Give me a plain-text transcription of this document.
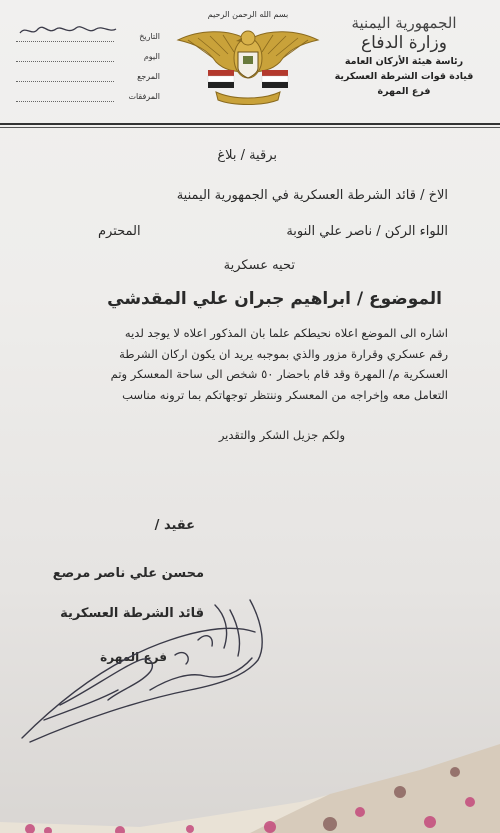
الجمهورية اليمنية
وزارة الدفاع
رئاسة هيئة الأركان العامة
قيادة قوات الشرطة العسكرية
فرع المهرة
بسم الله الرحمن الرحيم
التاريخ
اليوم
المرجع
المرفقات
برقية / بلاغ
الاخ / قائد الشرطة العسكرية في الجمهورية اليمنية
اللواء الركن / ناصر علي النوبة
المحترم
تحيه عسكرية
الموضوع / ابراهيم جبران علي المقدشي
اشاره الى الموضع اعلاه نحيطكم علما بان المذكور اعلاه لا يوجد لديه
رقم عسكري وقرارة مزور والذي بموجبه يريد ان يكون اركان الشرطة
العسكرية م/ المهرة وقد قام باحضار ٥٠ شخص الى ساحة المعسكر وتم
التعامل معه وإخراجه من المعسكر وننتظر توجهاتكم بما ترونه مناسب
ولكم جزيل الشكر والتقدير
عقيد /
محسن علي ناصر مرصع
قائد الشرطة العسكرية
فرع المهرة
